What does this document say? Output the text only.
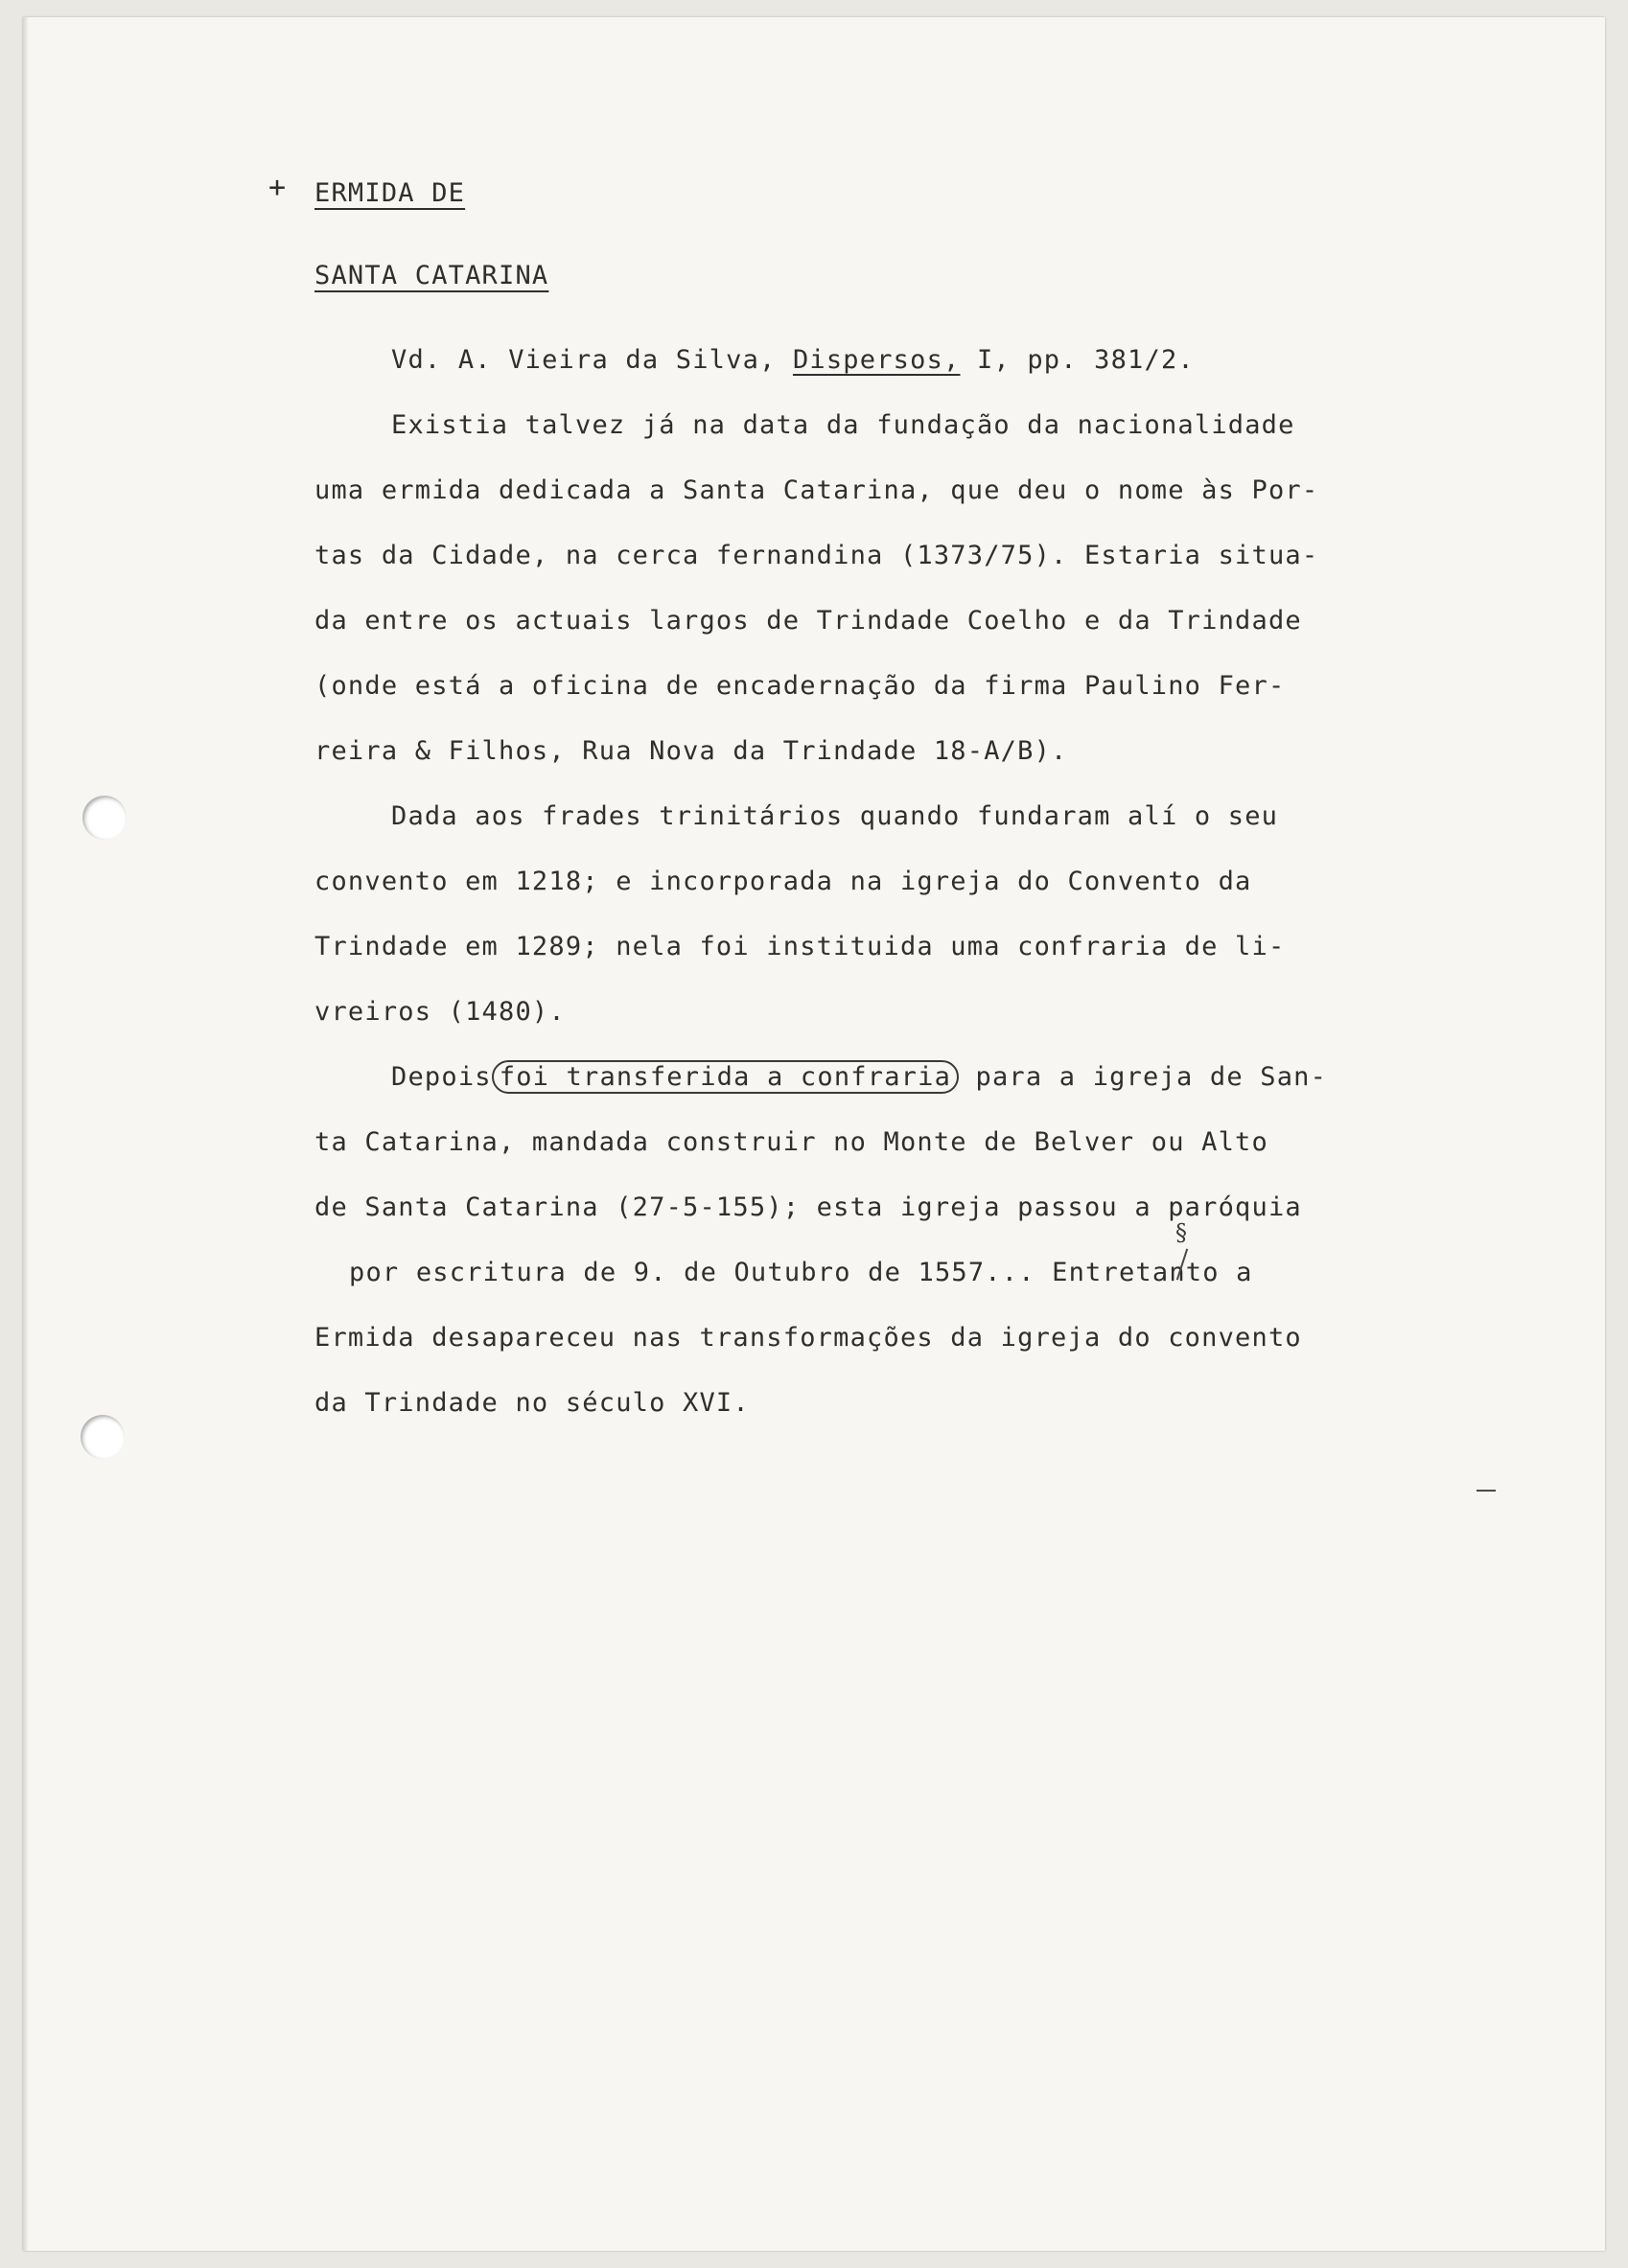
+ ERMIDA DE
SANTA CATARINA
Vd. A. Vieira da Silva, Dispersos, I, pp. 381/2.
Existia talvez já na data da fundação da nacionalidade
uma ermida dedicada a Santa Catarina, que deu o nome às Por-
tas da Cidade, na cerca fernandina (1373/75). Estaria situa-
da entre os actuais largos de Trindade Coelho e da Trindade
(onde está a oficina de encadernação da firma Paulino Fer-
reira & Filhos, Rua Nova da Trindade 18-A/B).
Dada aos frades trinitários quando fundaram alí o seu
convento em 1218; e incorporada na igreja do Convento da
Trindade em 1289; nela foi instituida uma confraria de li-
vreiros (1480).
Depois foi transferida a confraria para a igreja de San-
ta Catarina, mandada construir no Monte de Belver ou Alto
de Santa Catarina (27-5-155); esta igreja passou a paróquia
por escritura de 9. de Outubro de 1557... Entretanto a
Ermida desapareceu nas transformações da igreja do convento
da Trindade no século XVI.
§
